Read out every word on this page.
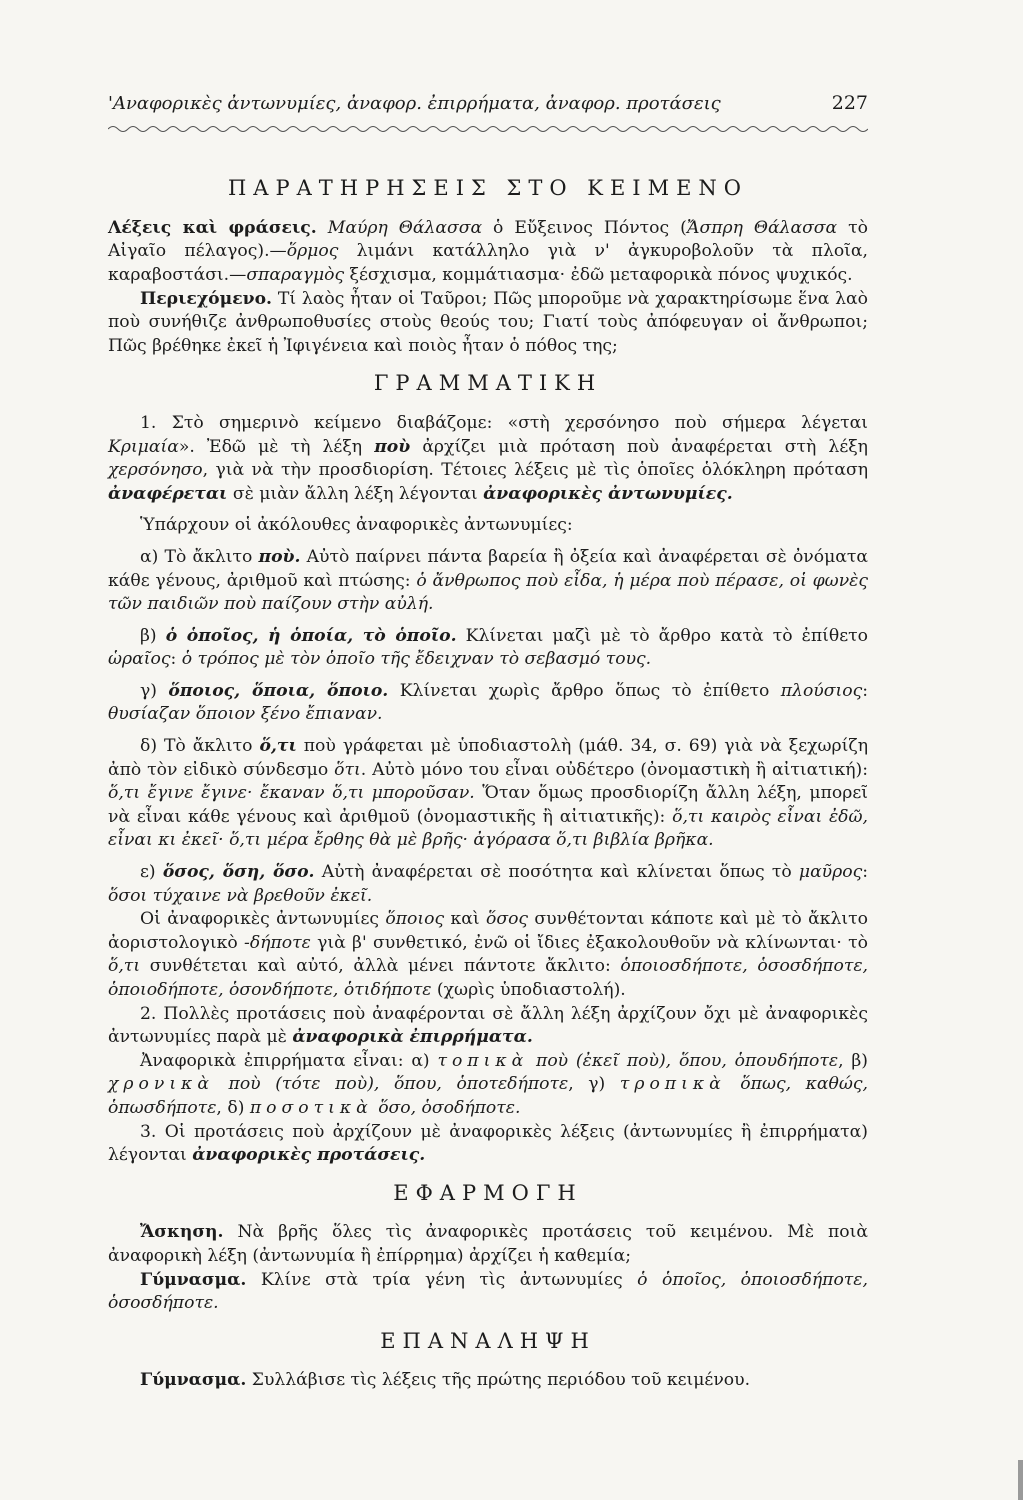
'Αναφορικὲς ἀντωνυμίες, ἀναφορ. ἐπιρρήματα, ἀναφορ. προτάσεις	227
ΠΑΡΑΤΗΡΗΣΕΙΣ ΣΤΟ ΚΕΙΜΕΝΟ

Λέξεις καὶ φράσεις. Μαύρη Θάλασσα ὁ Εὔξεινος Πόντος (Ἄσπρη Θάλασσα τὸ Αἰγαῖο πέλαγος).—ὅρμος λιμάνι κατάλληλο γιὰ ν' ἀγκυροβολοῦν τὰ πλοῖα, καραβοστάσι.—σπαραγμὸς ξέσχισμα, κομμάτιασμα· ἐδῶ μεταφορικὰ πόνος ψυχικός.

Περιεχόμενο. Τί λαὸς ἦταν οἱ Ταῦροι; Πῶς μποροῦμε νὰ χαρακτηρίσωμε ἕνα λαὸ ποὺ συνήθιζε ἀνθρωποθυσίες στοὺς θεούς του; Γιατί τοὺς ἀπόφευγαν οἱ ἄνθρωποι; Πῶς βρέθηκε ἐκεῖ ἡ Ἰφιγένεια καὶ ποιὸς ἦταν ὁ πόθος της;

ΓΡΑΜΜΑΤΙΚΗ

1. Στὸ σημερινὸ κείμενο διαβάζομε: «στὴ χερσόνησο ποὺ σήμερα λέγεται Κριμαία». Ἐδῶ μὲ τὴ λέξη ποὺ ἀρχίζει μιὰ πρόταση ποὺ ἀναφέρεται στὴ λέξη χερσόνησο, γιὰ νὰ τὴν προσδιορίση. Τέτοιες λέξεις μὲ τὶς ὁποῖες ὁλόκληρη πρόταση ἀναφέρεται σὲ μιὰν ἄλλη λέξη λέγονται ἀναφορικὲς ἀντωνυμίες.

Ὑπάρχουν οἱ ἀκόλουθες ἀναφορικὲς ἀντωνυμίες:

α) Τὸ ἄκλιτο ποὺ. Αὐτὸ παίρνει πάντα βαρεία ἢ ὀξεία καὶ ἀναφέρεται σὲ ὀνόματα κάθε γένους, ἀριθμοῦ καὶ πτώσης: ὁ ἄνθρωπος ποὺ εἶδα, ἡ μέρα ποὺ πέρασε, οἱ φωνὲς τῶν παιδιῶν ποὺ παίζουν στὴν αὐλή.

β) ὁ ὁποῖος, ἡ ὁποία, τὸ ὁποῖο. Κλίνεται μαζὶ μὲ τὸ ἄρθρο κατὰ τὸ ἐπίθετο ὡραῖος: ὁ τρόπος μὲ τὸν ὁποῖο τῆς ἔδειχναν τὸ σεβασμό τους.

γ) ὅποιος, ὅποια, ὅποιο. Κλίνεται χωρὶς ἄρθρο ὅπως τὸ ἐπίθετο πλούσιος: θυσίαζαν ὅποιον ξένο ἔπιαναν.

δ) Τὸ ἄκλιτο ὅ,τι ποὺ γράφεται μὲ ὑποδιαστολὴ (μάθ. 34, σ. 69) γιὰ νὰ ξεχωρίζη ἀπὸ τὸν εἰδικὸ σύνδεσμο ὅτι. Αὐτὸ μόνο του εἶναι οὐδέτερο (ὀνομαστικὴ ἢ αἰτιατική): ὅ,τι ἔγινε ἔγινε· ἔκαναν ὅ,τι μποροῦσαν. Ὅταν ὅμως προσδιορίζη ἄλλη λέξη, μπορεῖ νὰ εἶναι κάθε γένους καὶ ἀριθμοῦ (ὀνομαστικῆς ἢ αἰτιατικῆς): ὅ,τι καιρὸς εἶναι ἐδῶ, εἶναι κι ἐκεῖ· ὅ,τι μέρα ἔρθης θὰ μὲ βρῆς· ἀγόρασα ὅ,τι βιβλία βρῆκα.

ε) ὅσος, ὅση, ὅσο. Αὐτὴ ἀναφέρεται σὲ ποσότητα καὶ κλίνεται ὅπως τὸ μαῦρος: ὅσοι τύχαινε νὰ βρεθοῦν ἐκεῖ.

Οἱ ἀναφορικὲς ἀντωνυμίες ὅποιος καὶ ὅσος συνθέτονται κάποτε καὶ μὲ τὸ ἄκλιτο ἀοριστολογικὸ -δήποτε γιὰ β' συνθετικό, ἐνῶ οἱ ἴδιες ἐξακολουθοῦν νὰ κλίνωνται· τὸ ὅ,τι συνθέτεται καὶ αὐτό, ἀλλὰ μένει πάντοτε ἄκλιτο: ὁποιοσδήποτε, ὁσοσδήποτε, ὁποιοδήποτε, ὁσονδήποτε, ὁτιδήποτε (χωρὶς ὑποδιαστολή).

2. Πολλὲς προτάσεις ποὺ ἀναφέρονται σὲ ἄλλη λέξη ἀρχίζουν ὄχι μὲ ἀναφορικὲς ἀντωνυμίες παρὰ μὲ ἀναφορικὰ ἐπιρρήματα.

Ἀναφορικὰ ἐπιρρήματα εἶναι: α) τοπικὰ ποὺ (ἐκεῖ ποὺ), ὅπου, ὁπουδήποτε, β) χρονικὰ ποὺ (τότε ποὺ), ὅπου, ὁποτεδήποτε, γ) τροπικὰ ὅπως, καθώς, ὁπωσδήποτε, δ) ποσοτικὰ ὅσο, ὁσοδήποτε.

3. Οἱ προτάσεις ποὺ ἀρχίζουν μὲ ἀναφορικὲς λέξεις (ἀντωνυμίες ἢ ἐπιρρήματα) λέγονται ἀναφορικὲς προτάσεις.

ΕΦΑΡΜΟΓΗ

Ἄσκηση. Νὰ βρῆς ὅλες τὶς ἀναφορικὲς προτάσεις τοῦ κειμένου. Μὲ ποιὰ ἀναφορικὴ λέξη (ἀντωνυμία ἢ ἐπίρρημα) ἀρχίζει ἡ καθεμία;

Γύμνασμα. Κλίνε στὰ τρία γένη τὶς ἀντωνυμίες ὁ ὁποῖος, ὁποιοσδήποτε, ὁσοσδήποτε.

ΕΠΑΝΑΛΗΨΗ

Γύμνασμα. Συλλάβισε τὶς λέξεις τῆς πρώτης περιόδου τοῦ κειμένου.
